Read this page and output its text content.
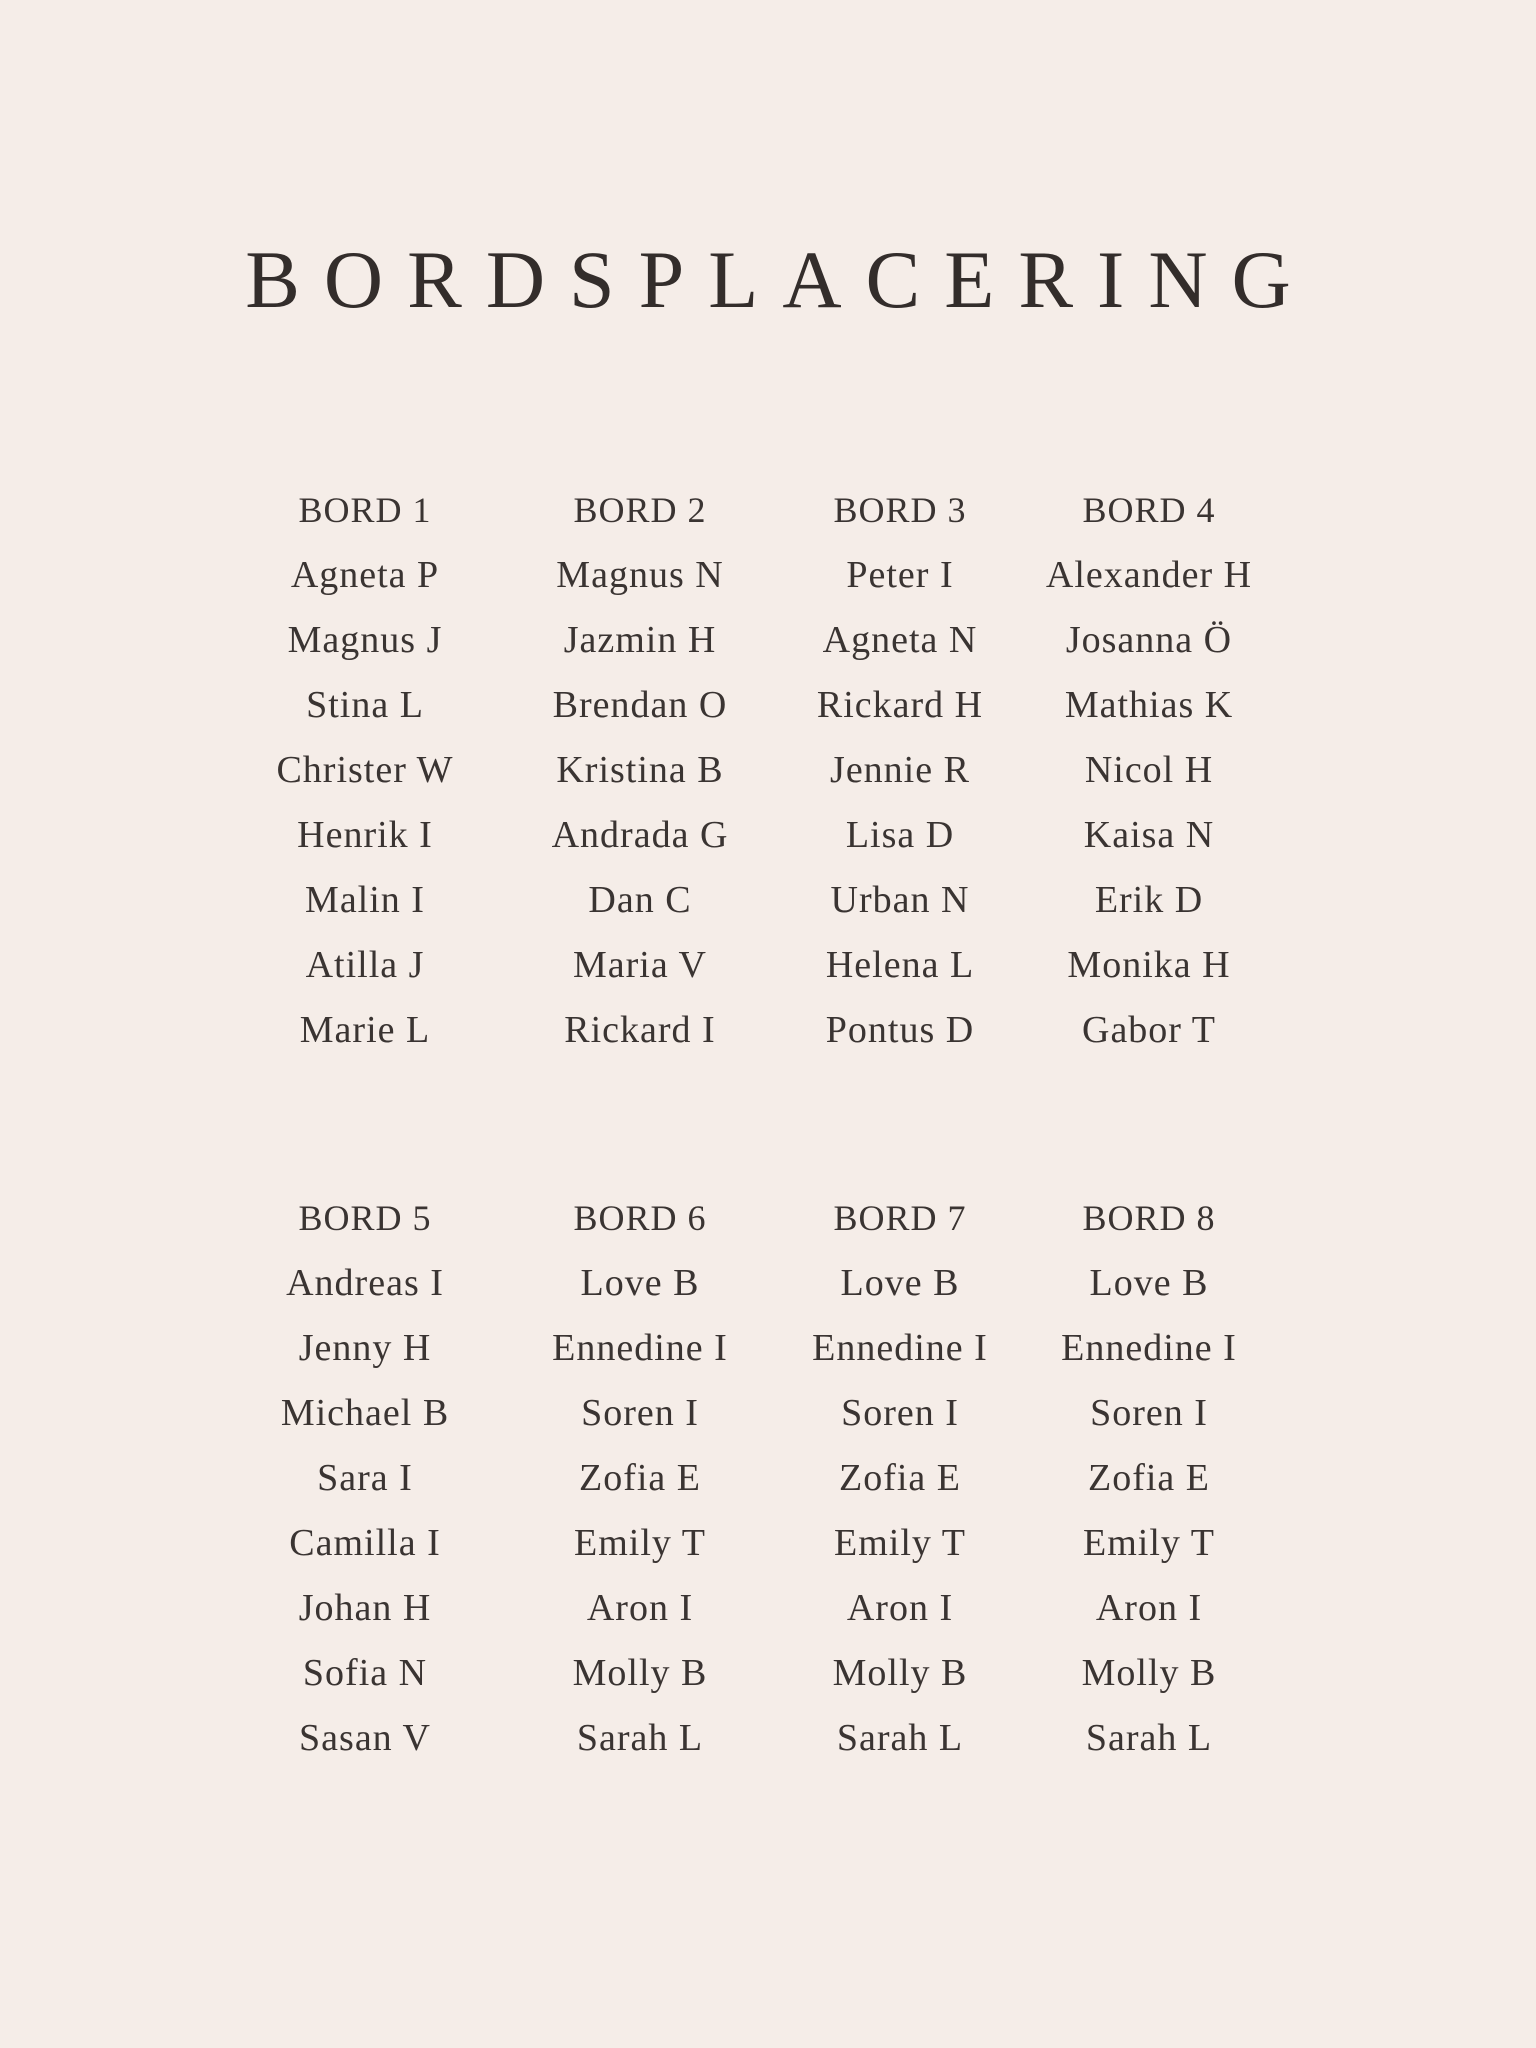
BORDSPLACERING
BORD 1
Agneta P
Magnus J
Stina L
Christer W
Henrik I
Malin I
Atilla J
Marie L
BORD 2
Magnus N
Jazmin H
Brendan O
Kristina B
Andrada G
Dan C
Maria V
Rickard I
BORD 3
Peter I
Agneta N
Rickard H
Jennie R
Lisa D
Urban N
Helena L
Pontus D
BORD 4
Alexander H
Josanna Ö
Mathias K
Nicol H
Kaisa N
Erik D
Monika H
Gabor T
BORD 5
Andreas I
Jenny H
Michael B
Sara I
Camilla I
Johan H
Sofia N
Sasan V
BORD 6
Love B
Ennedine I
Soren I
Zofia E
Emily T
Aron I
Molly B
Sarah L
BORD 7
Love B
Ennedine I
Soren I
Zofia E
Emily T
Aron I
Molly B
Sarah L
BORD 8
Love B
Ennedine I
Soren I
Zofia E
Emily T
Aron I
Molly B
Sarah L
